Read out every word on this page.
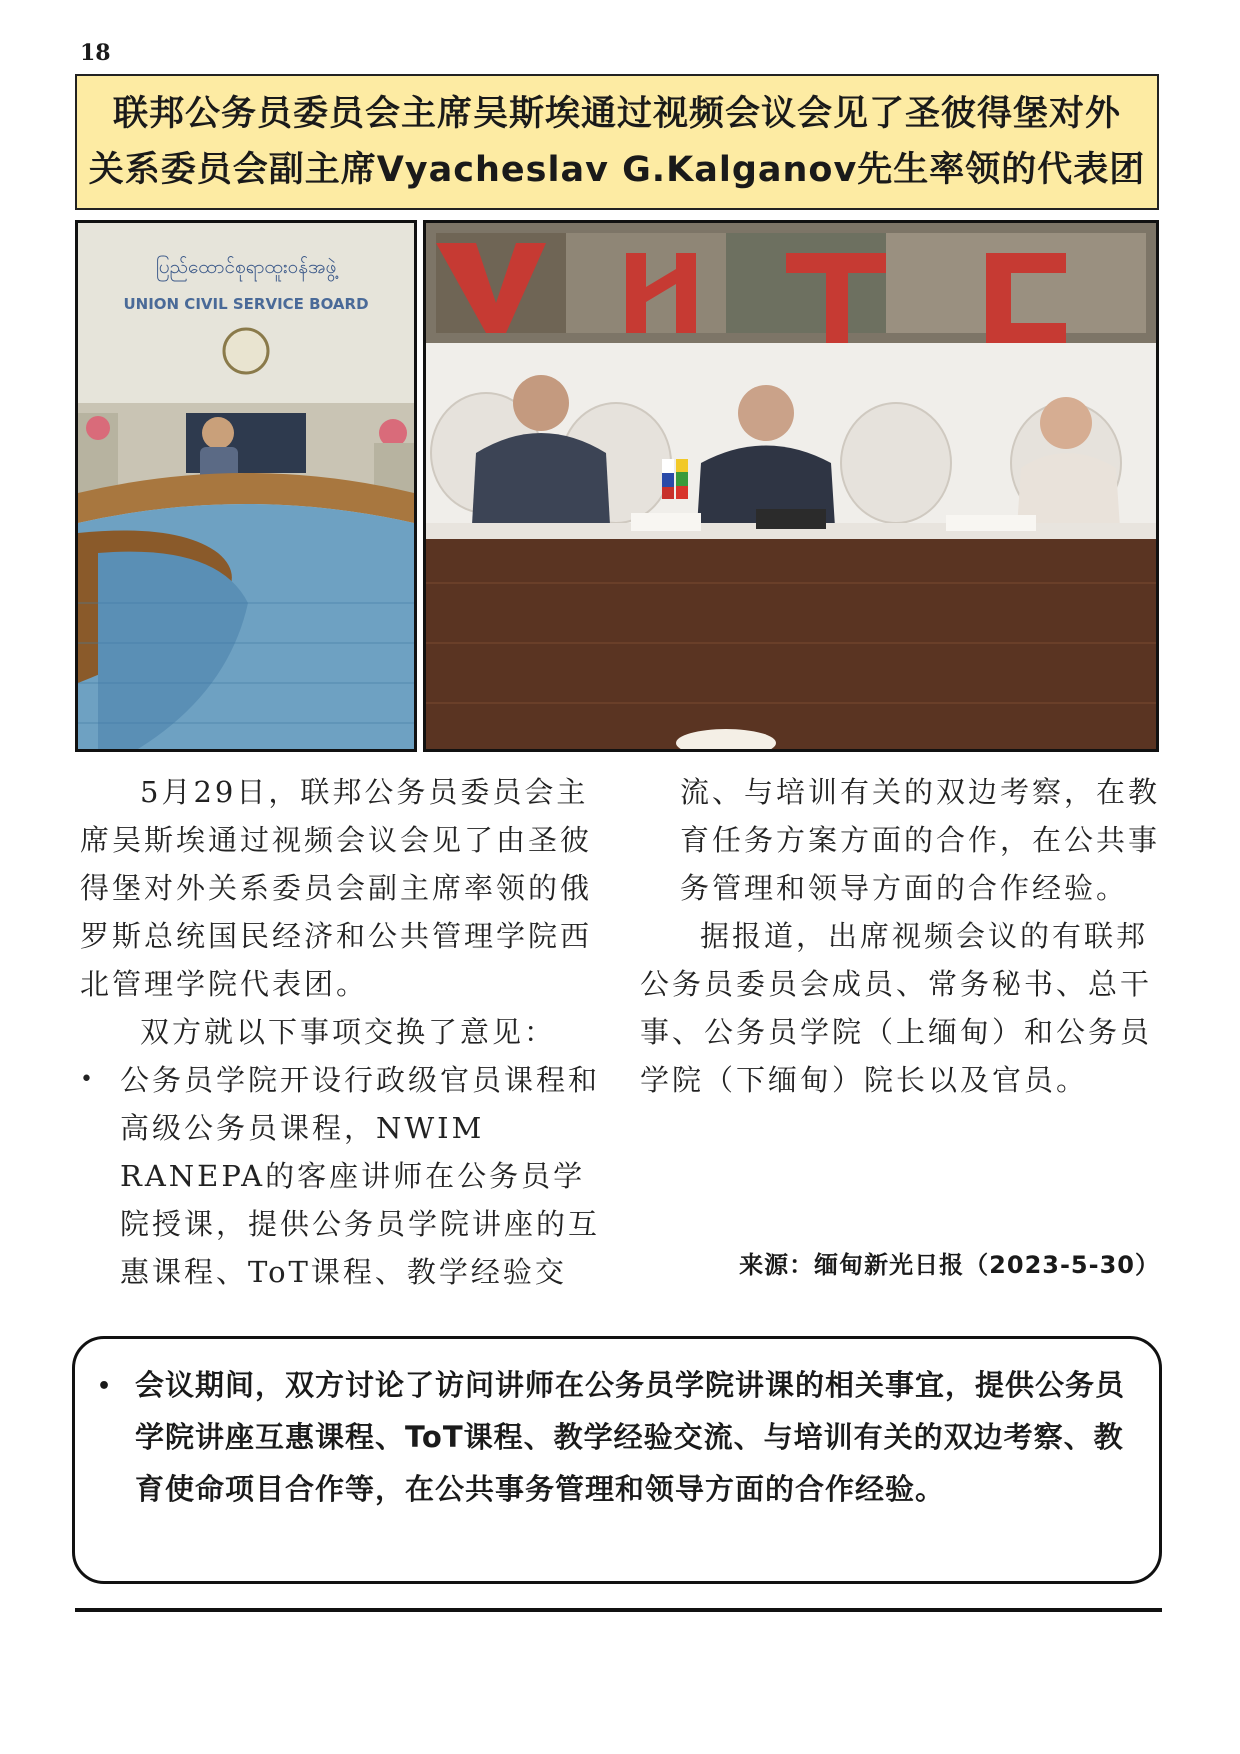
18
联邦公务员委员会主席吴斯埃通过视频会议会见了圣彼得堡对外
关系委员会副主席Vyacheslav G.Kalganov先生率领的代表团
ပြည်ထောင်စုရာထူးဝန်အဖွဲ့
UNION CIVIL SERVICE BOARD

5月29日，联邦公务员委员会主席吴斯埃通过视频会议会见了由圣彼得堡对外关系委员会副主席率领的俄罗斯总统国民经济和公共管理学院西北管理学院代表团。

双方就以下事项交换了意见：

• 公务员学院开设行政级官员课程和高级公务员课程，NWIM RANEPA的客座讲师在公务员学院授课，提供公务员学院讲座的互惠课程、ToT课程、教学经验交

流、与培训有关的双边考察，在教育任务方案方面的合作，在公共事务管理和领导方面的合作经验。

据报道，出席视频会议的有联邦公务员委员会成员、常务秘书、总干事、公务员学院（上缅甸）和公务员学院（下缅甸）院长以及官员。

来源：缅甸新光日报（2023-5-30）
• 会议期间，双方讨论了访问讲师在公务员学院讲课的相关事宜，提供公务员学院讲座互惠课程、ToT课程、教学经验交流、与培训有关的双边考察、教育使命项目合作等，在公共事务管理和领导方面的合作经验。
